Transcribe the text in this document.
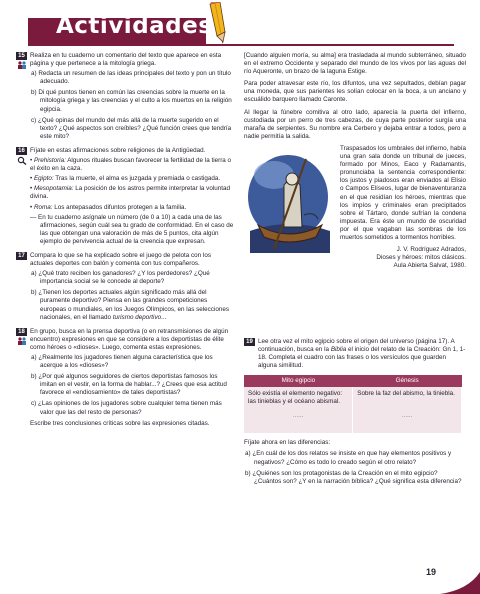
Actividades
15 Realiza en tu cuaderno un comentario del texto que aparece en esta página y que pertenece a la mitología griega.
a) Redacta un resumen de las ideas principales del texto y pon un título adecuado.
b) Di qué puntos tienen en común las creencias sobre la muerte en la mitología griega y las creencias y el culto a los muertos en la religión egipcia.
c) ¿Qué opinas del mundo del más allá de la muerte sugerido en el texto? ¿Qué aspectos son creíbles? ¿Qué función crees que tendría este mito?
16 Fíjate en estas afirmaciones sobre religiones de la Antigüedad.
• Prehistoria: Algunos rituales buscan favorecer la fertilidad de la tierra o el éxito en la caza.
• Egipto: Tras la muerte, el alma es juzgada y premiada o castigada.
• Mesopotamia: La posición de los astros permite interpretar la voluntad divina.
• Roma: Los antepasados difuntos protegen a la familia.
— En tu cuaderno asígnale un número (de 0 a 10) a cada una de las afirmaciones, según cuál sea tu grado de conformidad. En el caso de las que obtengan una valoración de más de 5 puntos, cita algún ejemplo de pervivencia actual de la creencia que expresan.
17 Compara lo que se ha explicado sobre el juego de pelota con los actuales deportes con balón y comenta con tus compañeros.
a) ¿Qué trato reciben los ganadores? ¿Y los perdedores? ¿Qué importancia social se le concede al deporte?
b) ¿Tienen los deportes actuales algún significado más allá del puramente deportivo? Piensa en las grandes competiciones europeas o mundiales, en los Juegos Olímpicos, en las selecciones nacionales, en el llamado turismo deportivo...
18 En grupo, busca en la prensa deportiva (o en retransmisiones de algún encuentro) expresiones en que se considere a los deportistas de élite como héroes o «dioses». Luego, comenta estas expresiones.
a) ¿Realmente los jugadores tienen alguna característica que los acerque a los «dioses»?
b) ¿Por qué algunos seguidores de ciertos deportistas famosos los imitan en el vestir, en la forma de hablar...? ¿Crees que esa actitud favorece el «endiosamiento» de tales deportistas?
c) ¿Las opiniones de los jugadores sobre cualquier tema tienen más valor que las del resto de personas?
Escribe tres conclusiones críticas sobre las expresiones citadas.

[Cuando alguien moría, su alma] era trasladada al mundo subterráneo, situado en el extremo Occidente y separado del mundo de los vivos por las aguas del río Aqueronte, un brazo de la laguna Estige.

Para poder atravesar este río, los difuntos, una vez sepultados, debían pagar una moneda, que sus parientes les solían colocar en la boca, a un anciano y escuálido barquero llamado Caronte.

Al llegar la fúnebre comitiva al otro lado, aparecía la puerta del infierno, custodiada por un perro de tres cabezas, de cuya parte posterior surgía una maraña de serpientes. Su nombre era Cerbero y dejaba entrar a todos, pero a nadie permitía la salida.

Traspasados los umbrales del infierno, había una gran sala donde un tribunal de jueces, formado por Minos, Eaco y Radamantis, pronunciaba la sentencia correspondiente: los justos y piadosos eran enviados al Elisio o Campos Elíseos, lugar de bienaventuranza en el que residían los héroes, mientras que los impíos y criminales eran precipitados sobre el Tártaro, donde sufrían la condena impuesta. Era éste un mundo de oscuridad por el que vagaban las sombras de los muertos sometidos a tormentos horribles.

J. V. Rodríguez Adrados,
Dioses y héroes: mitos clásicos.
Aula Abierta Salvat, 1980.
19 Lee otra vez el mito egipcio sobre el origen del universo (página 17). A continuación, busca en la Biblia el inicio del relato de la Creación: Gn 1, 1-18. Completa el cuadro con las frases o los versículos que guarden alguna similitud.
Mito egipcio	Génesis
Sólo existía el elemento negativo: las tinieblas y el océano abismal.	Sobre la faz del abismo, la tiniebla.
......	......
Fíjate ahora en las diferencias:
a) ¿En cuál de los dos relatos se insiste en que hay elementos positivos y negativos? ¿Cómo es todo lo creado según el otro relato?
b) ¿Quiénes son los protagonistas de la Creación en el mito egipcio? ¿Cuántos son? ¿Y en la narración bíblica? ¿Qué significa esta diferencia?
19
